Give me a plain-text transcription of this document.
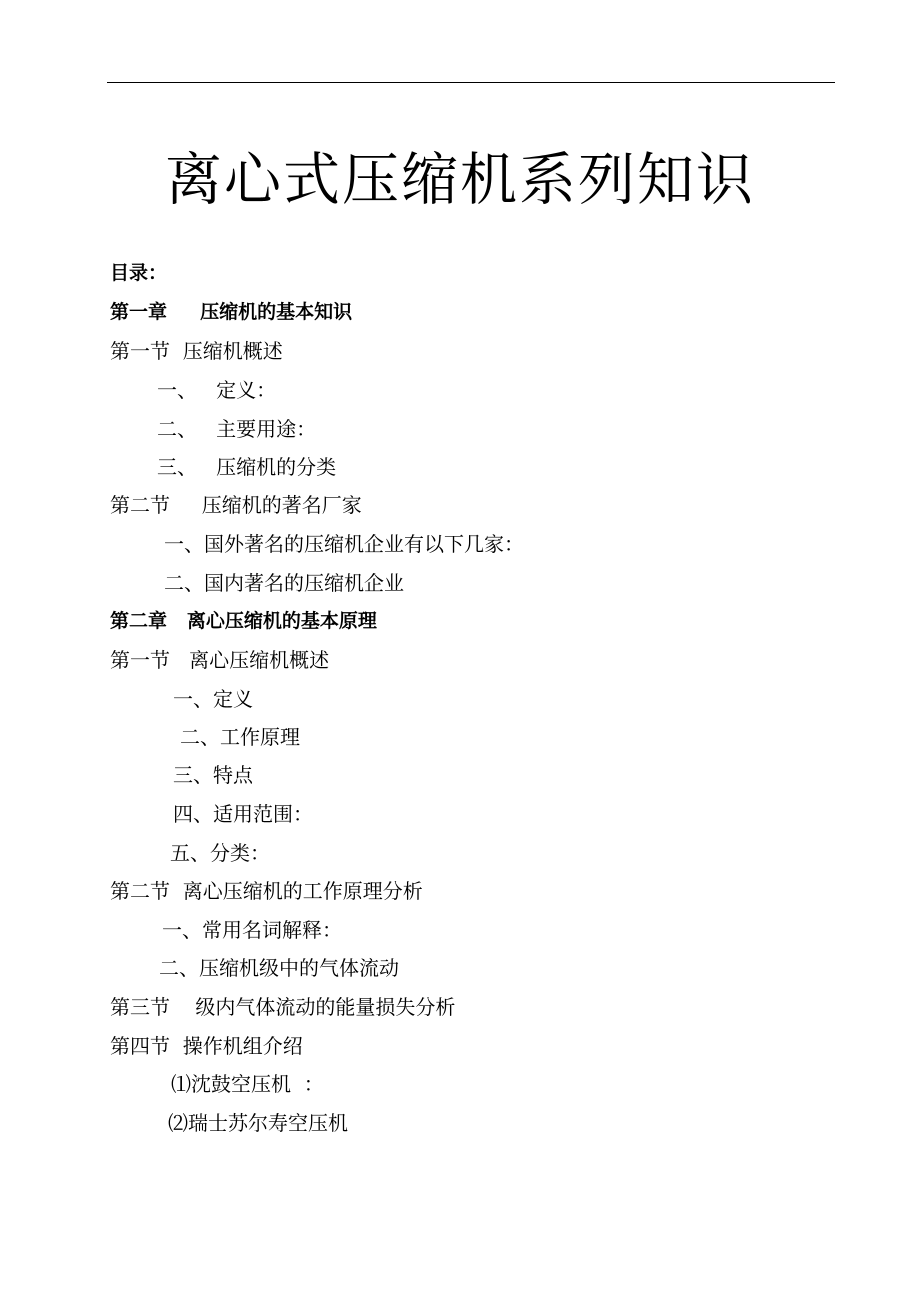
离心式压缩机系列知识
目录：
第一章     压缩机的基本知识
第一节  压缩机概述
一、   定义：
二、   主要用途：
三、   压缩机的分类
第二节     压缩机的著名厂家
一、国外著名的压缩机企业有以下几家：
二、国内著名的压缩机企业
第二章   离心压缩机的基本原理
第一节   离心压缩机概述
一、定义
二、工作原理
三、特点
四、适用范围：
五、分类：
第二节  离心压缩机的工作原理分析
一、常用名词解释：
二、压缩机级中的气体流动
第三节    级内气体流动的能量损失分析
第四节  操作机组介绍
⑴沈鼓空压机  ：
⑵瑞士苏尔寿空压机
